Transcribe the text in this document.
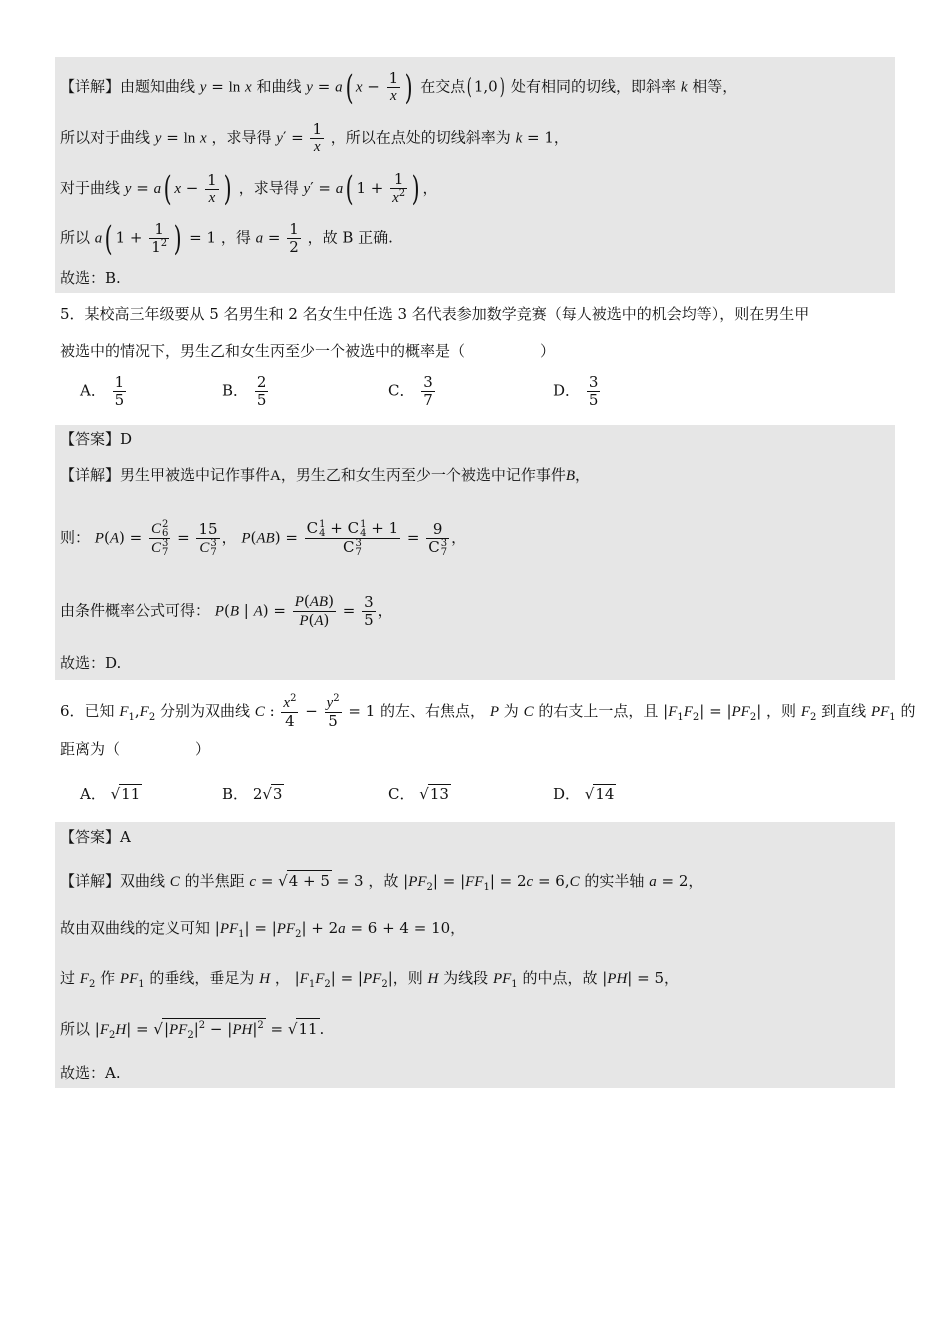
【详解】由题知曲线 y = ln x 和曲线 y = a( $x - \frac{1}{x}$ ) 在交点( 1,0) 处有相同的切线，即斜率 k 相等，
所以对于曲线 y = ln x ，求导得 $y' = \frac{1}{x}$ ，所以在点处的切线斜率为 k = 1，
对于曲线 y = a( $x - \frac{1}{x}$ ) ，求导得 y′ = a( $1 + \frac{1}{x^2}$ ) ，
所以 a( $1 + \frac{1}{1^2}$ ) = 1 ，得 $a = \frac{1}{2}$ ，故 B 正确.
故选：B.
5．某校高三年级要从 5 名男生和 2 名女生中任选 3 名代表参加数学竞赛（每人被选中的机会均等），则在男生甲
被选中的情况下，男生乙和女生丙至少一个被选中的概率是（　　　　　）
A． $\frac{1}{5}$	B． $\frac{2}{5}$	C． $\frac{3}{7}$	D． $\frac{3}{5}$
【答案】D
【详解】男生甲被选中记作事件A，男生乙和女生丙至少一个被选中记作事件B，
则： P(A) = C 2
6
C 3
7 = 15
C 3
7 ， P(AB) = C 1
4 + C 1
4 + 1
C 3
7 = 9
C 3
7 ，
由条件概率公式可得： P(B | $A) = \frac{P(AB)}{P(A)} = \frac{3}{5}$ ，
故选：D.
6．已知 $F_1,F_2$ 分别为双曲线 C : $\frac{x^2}{4} - \frac{y^2}{5} = 1$ 的左、右焦点， P 为 C 的右支上一点，且 $|F_1F_2| = |PF_2|$ ，则 $F_2$ 到直线 $PF_1$ 的
距离为（　　　　　）
A． √11	B． 2√3	C． √13	D． √14
【答案】A
【详解】双曲线 C 的半焦距 c = √4 + 5 = 3 ，故 $|PF_2| = |FF_1| = 2c = 6,C$ 的实半轴 a = 2，
故由双曲线的定义可知 $|PF_1| = |PF_2| + 2a = 6 + 4 = 10$，
过 $F_2$ 作 $PF_1$ 的垂线，垂足为 H ， $|F_1F_2| = |PF_2|$，则 H 为线段 $PF_1$ 的中点，故 |PH| = 5，
所以 $|F_2H| = √|PF_2|^2 - |PH|^2 = √11$ .
故选：A.
